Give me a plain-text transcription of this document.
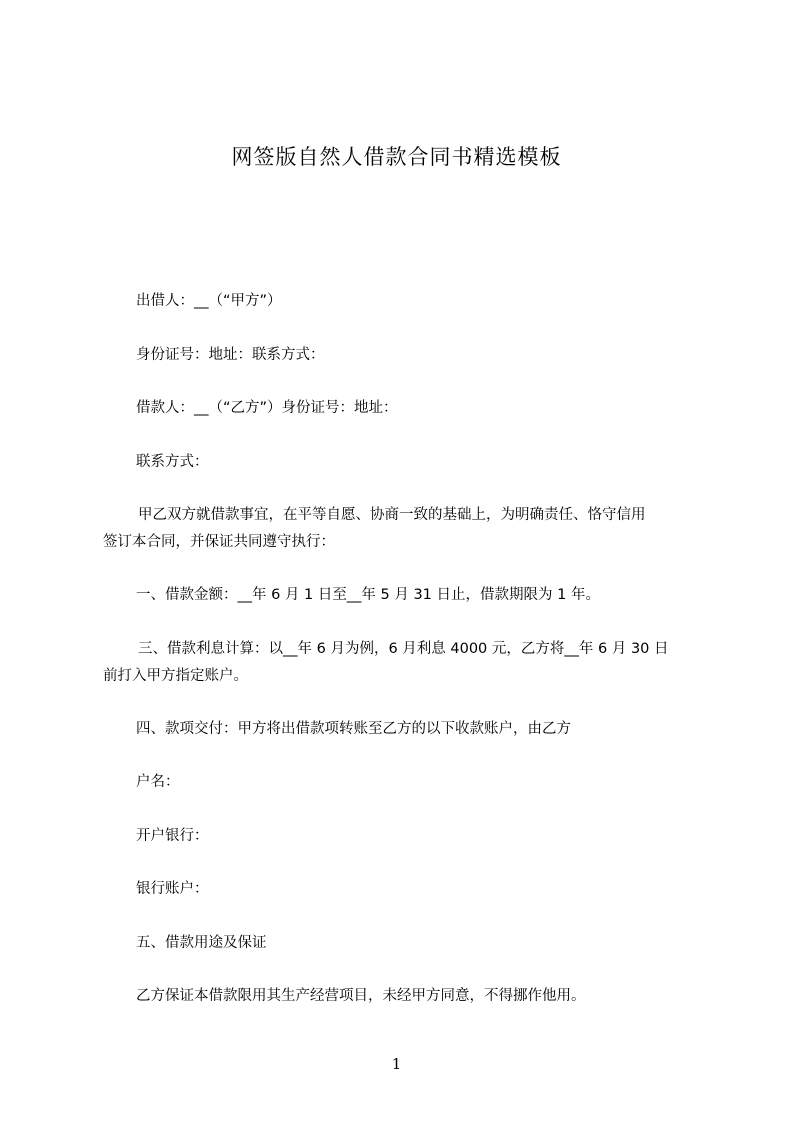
网签版自然人借款合同书精选模板
出借人：__（“甲方”）
身份证号：地址：联系方式：
借款人：__（“乙方”）身份证号：地址：
联系方式：
甲乙双方就借款事宜，在平等自愿、协商一致的基础上，为明确责任、恪守信用
签订本合同，并保证共同遵守执行：
一、借款金额：__年 6 月 1 日至__年 5 月 31 日止，借款期限为 1 年。
三、借款利息计算：以__年 6 月为例，6 月利息 4000 元，乙方将__年 6 月 30 日
前打入甲方指定账户。
四、款项交付：甲方将出借款项转账至乙方的以下收款账户，由乙方
户名：
开户银行：
银行账户：
五、借款用途及保证
乙方保证本借款限用其生产经营项目，未经甲方同意，不得挪作他用。
1
